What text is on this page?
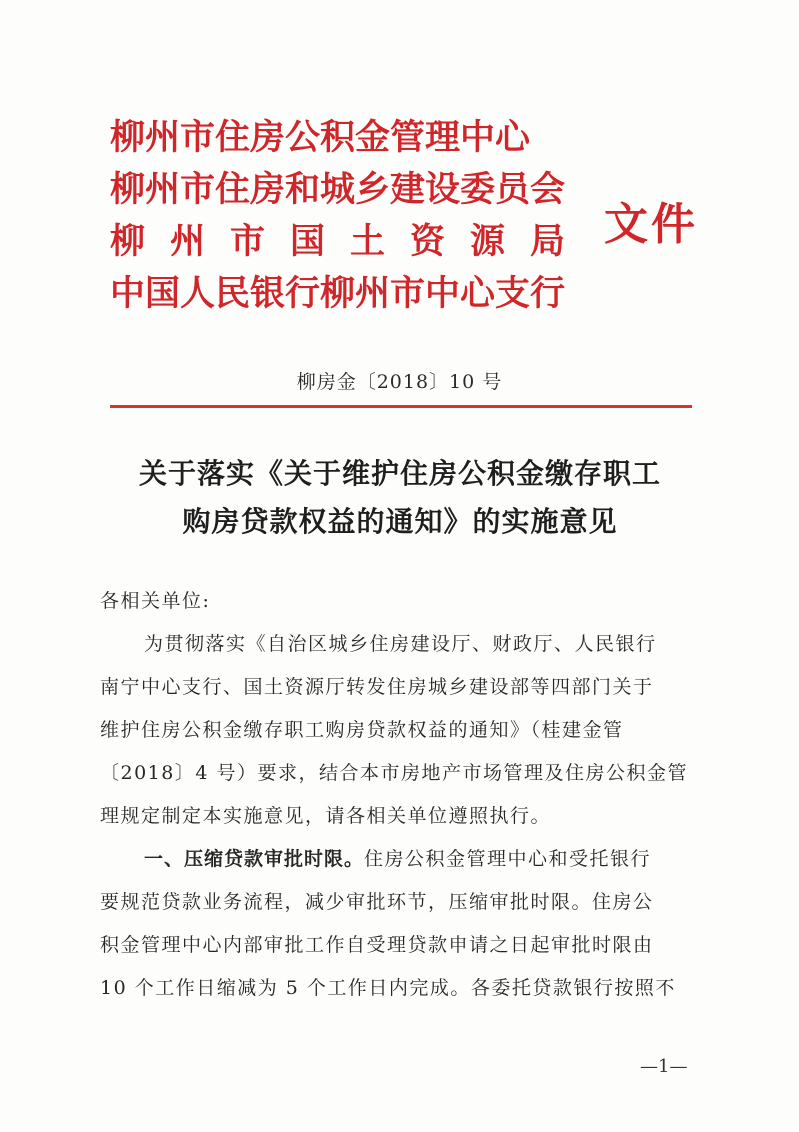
柳州市住房公积金管理中心
柳州市住房和城乡建设委员会
柳州市国土资源局
中国人民银行柳州市中心支行
文件
柳房金〔2018〕10 号
关于落实《关于维护住房公积金缴存职工
购房贷款权益的通知》的实施意见
各相关单位:
为贯彻落实《自治区城乡住房建设厅、财政厅、人民银行
南宁中心支行、国土资源厅转发住房城乡建设部等四部门关于
维护住房公积金缴存职工购房贷款权益的通知》（桂建金管
〔2018〕4 号）要求，结合本市房地产市场管理及住房公积金管
理规定制定本实施意见，请各相关单位遵照执行。
一、压缩贷款审批时限。住房公积金管理中心和受托银行
要规范贷款业务流程，减少审批环节，压缩审批时限。住房公
积金管理中心内部审批工作自受理贷款申请之日起审批时限由
10 个工作日缩减为 5 个工作日内完成。各委托贷款银行按照不
—1—
